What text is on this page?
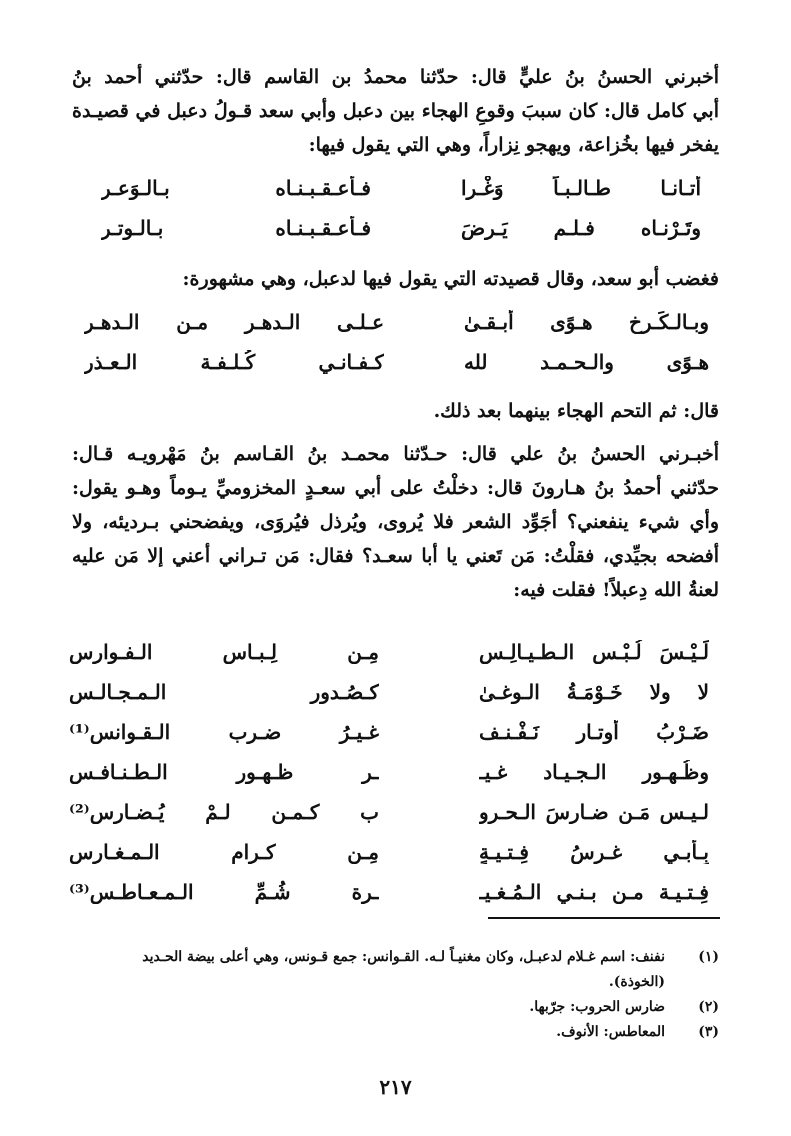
أخبرني الحسنُ بنُ عليٍّ قال: حدّثنا محمدُ بن القاسم قال: حدّثني أحمد بنُ
أبي كامل قال: كان سببَ وقوعِ الهجاء بين دعبل وأبي سعد قـولُ دعبل في قصيـدة
يفخر فيها بخُزاعة، ويهجو نِزاراً، وهي التي يقول فيها:
أتـانـا طـالـبـاً وَغْـرا
فـأعـقـبـنـاه بـالـوَعـر
وتَـرْنـاه فـلـم يَـرضَ
فـأعـقـبـنـاه بـالـوِتـر
فغضب أبو سعد، وقال قصيدته التي يقول فيها لدعبل، وهي مشهورة:
وبـالـكَـرخ هـوًى أبـقـىٰ
عـلـى الـدهـر مـن الـدهـر
هـوًى والـحـمـد لله
كـفـانـي كُـلـفـة الـعـذر
قال: ثم التحم الهجاء بينهما بعد ذلك.
أخبـرني الحسنُ بنُ علي قال: حـدّثنا محمـد بنُ القـاسم بنُ مَهْرويـه قـال:
حدّثني أحمدُ بنُ هـارونَ قال: دخلْتُ على أبي سعـدٍ المخزوميِّ يـوماً وهـو يقول:
وأي شيء ينفعني؟ أجَوِّد الشعر فلا يُروى، ويُرذل فيُروَى، ويفضحني بـرديئه، ولا
أفضحه بجيِّدي، فقلْتُ: مَن تَعني يا أبا سعـد؟ فقال: مَن تـراني أعني إلا مَن عليه
لعنةُ الله دِعبلاً! فقلت فيه:
لَـيْـسَ لُـبْـس الـطـيـالِـس
مِـن لِـبـاس الـفـوارسِ
لا ولا خَـوْمَـةُ الـوغـىٰ
كـصُـدور الـمـجـالـس
ضَـرْبُ أوتـار نَـفْـنـف
غـيـرُ ضـرب الـقـوانس⁽¹⁾
وظُـهـور الـجـيـاد غـيـ
ـر ظـهـور الـطـنـافـس
لـيـس مَـن ضـارسَ الـحـرو
ب كـمـن لـمْ يُـضـارس⁽²⁾
بِـأبـي غـرسُ فِـتـيـةٍ
مِـن كـرام الـمـغـارس
فِـتـيـة مـن بـنـي الـمُـغـيـ
ـرة شُـمِّ الـمـعـاطـس⁽³⁾
(١)
نفنف: اسم غـلام لدعبـل، وكان مغنيـاً لـه. القـوانس: جمع قـونس، وهي أعلى بيضة الحـديد
(الخوذة).
(٢)
ضارس الحروب: جرّبها.
(٣)
المعاطس: الأنوف.
٢١٧
